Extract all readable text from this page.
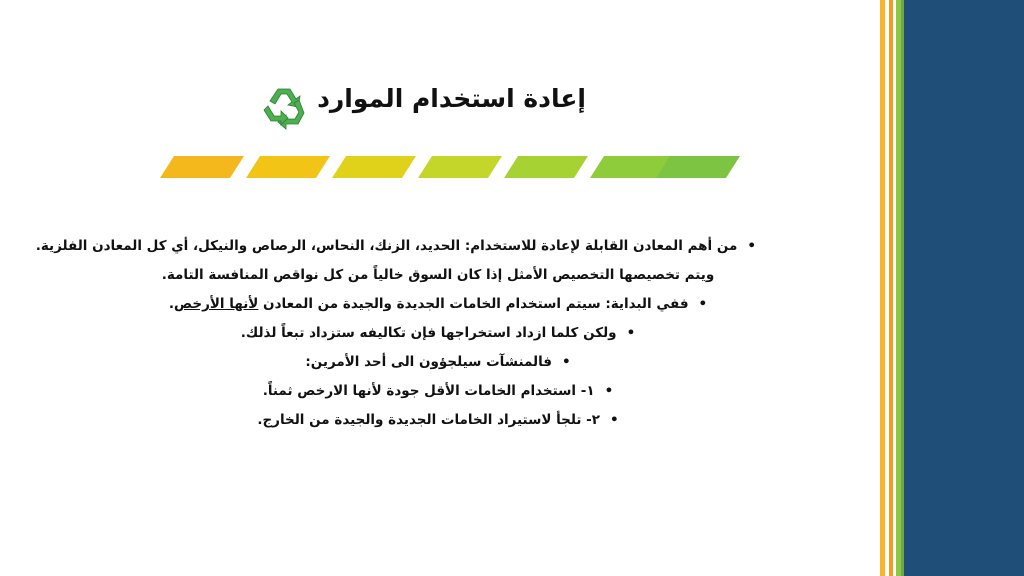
إعادة استخدام الموارد
•من أهم المعادن القابلة لإعادة للاستخدام: الحديد، الزنك، النحاس، الرصاص والنيكل، أي كل المعادن الفلزية.
ويتم تخصيصها التخصيص الأمثل إذا كان السوق خالياً من كل نواقص المنافسة التامة.
•ففي البداية: سيتم استخدام الخامات الجديدة والجيدة من المعادن لأنها الأرخص.
•ولكن كلما ازداد استخراجها فإن تكاليفه ستزداد تبعاً لذلك.
•فالمنشآت سيلجؤون الى أحد الأمرين:
•١- استخدام الخامات الأقل جودة لأنها الارخص ثمناً.
•٢- تلجأ لاستيراد الخامات الجديدة والجيدة من الخارج.
